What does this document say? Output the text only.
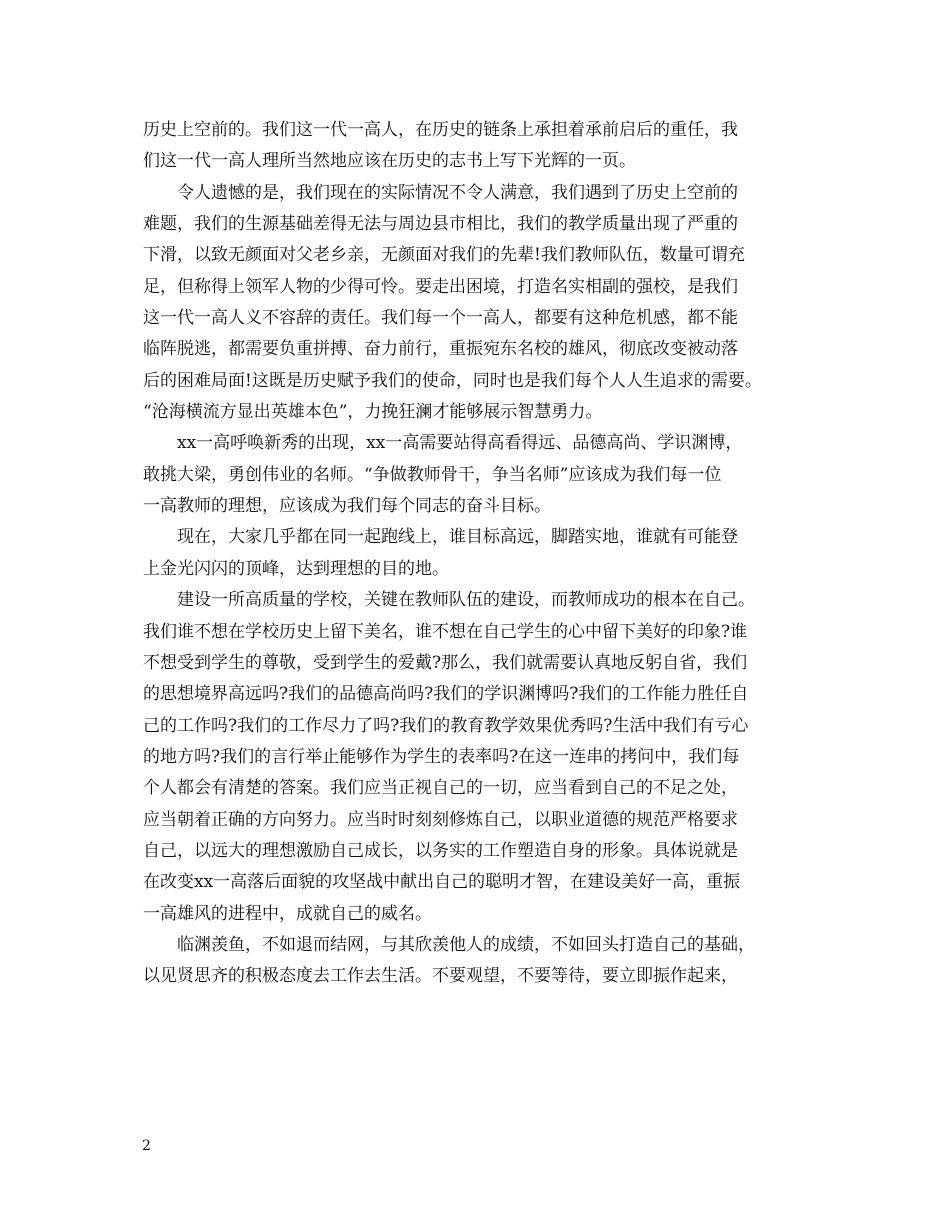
历史上空前的。我们这一代一高人，在历史的链条上承担着承前启后的重任，我
们这一代一高人理所当然地应该在历史的志书上写下光辉的一页。
令人遗憾的是，我们现在的实际情况不令人满意，我们遇到了历史上空前的
难题，我们的生源基础差得无法与周边县市相比，我们的教学质量出现了严重的
下滑，以致无颜面对父老乡亲，无颜面对我们的先辈!我们教师队伍，数量可谓充
足，但称得上领军人物的少得可怜。要走出困境，打造名实相副的强校，是我们
这一代一高人义不容辞的责任。我们每一个一高人，都要有这种危机感，都不能
临阵脱逃，都需要负重拼搏、奋力前行，重振宛东名校的雄风，彻底改变被动落
后的困难局面!这既是历史赋予我们的使命，同时也是我们每个人人生追求的需要。
“沧海横流方显出英雄本色”，力挽狂澜才能够展示智慧勇力。
xx一高呼唤新秀的出现，xx一高需要站得高看得远、品德高尚、学识渊博，
敢挑大梁，勇创伟业的名师。“争做教师骨干，争当名师”应该成为我们每一位
一高教师的理想，应该成为我们每个同志的奋斗目标。
现在，大家几乎都在同一起跑线上，谁目标高远，脚踏实地，谁就有可能登
上金光闪闪的顶峰，达到理想的目的地。
建设一所高质量的学校，关键在教师队伍的建设，而教师成功的根本在自己。
我们谁不想在学校历史上留下美名，谁不想在自己学生的心中留下美好的印象?谁
不想受到学生的尊敬，受到学生的爱戴?那么，我们就需要认真地反躬自省，我们
的思想境界高远吗?我们的品德高尚吗?我们的学识渊博吗?我们的工作能力胜任自
己的工作吗?我们的工作尽力了吗?我们的教育教学效果优秀吗?生活中我们有亏心
的地方吗?我们的言行举止能够作为学生的表率吗?在这一连串的拷问中，我们每
个人都会有清楚的答案。我们应当正视自己的一切，应当看到自己的不足之处，
应当朝着正确的方向努力。应当时时刻刻修炼自己，以职业道德的规范严格要求
自己，以远大的理想激励自己成长，以务实的工作塑造自身的形象。具体说就是
在改变xx一高落后面貌的攻坚战中献出自己的聪明才智，在建设美好一高，重振
一高雄风的进程中，成就自己的威名。
临渊羡鱼，不如退而结网，与其欣羡他人的成绩，不如回头打造自己的基础，
以见贤思齐的积极态度去工作去生活。不要观望，不要等待，要立即振作起来，
2
